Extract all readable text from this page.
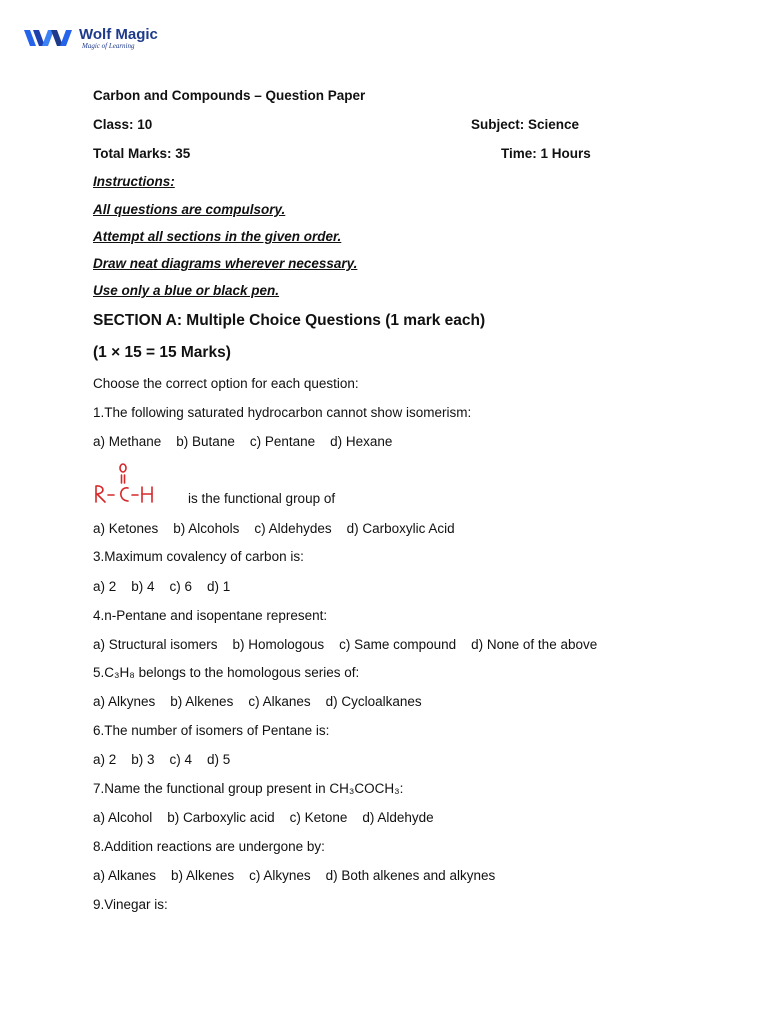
Wolf Magic
Magic of Learning
Carbon and Compounds – Question Paper
Class: 10	Subject: Science
Total Marks: 35	Time: 1 Hours
Instructions:
All questions are compulsory.
Attempt all sections in the given order.
Draw neat diagrams wherever necessary.
Use only a blue or black pen.
SECTION A: Multiple Choice Questions (1 mark each)
(1 × 15 = 15 Marks)
Choose the correct option for each question:
1.The following saturated hydrocarbon cannot show isomerism:
a) Methane    b) Butane    c) Pentane    d) Hexane
is the functional group of
a) Ketones    b) Alcohols    c) Aldehydes    d) Carboxylic Acid
3.Maximum covalency of carbon is:
a) 2    b) 4    c) 6    d) 1
4.n-Pentane and isopentane represent:
a) Structural isomers    b) Homologous    c) Same compound    d) None of the above
5.C₃H₈ belongs to the homologous series of:
a) Alkynes    b) Alkenes    c) Alkanes    d) Cycloalkanes
6.The number of isomers of Pentane is:
a) 2    b) 3    c) 4    d) 5
7.Name the functional group present in CH₃COCH₃:
a) Alcohol    b) Carboxylic acid    c) Ketone    d) Aldehyde
8.Addition reactions are undergone by:
a) Alkanes    b) Alkenes    c) Alkynes    d) Both alkenes and alkynes
9.Vinegar is:
